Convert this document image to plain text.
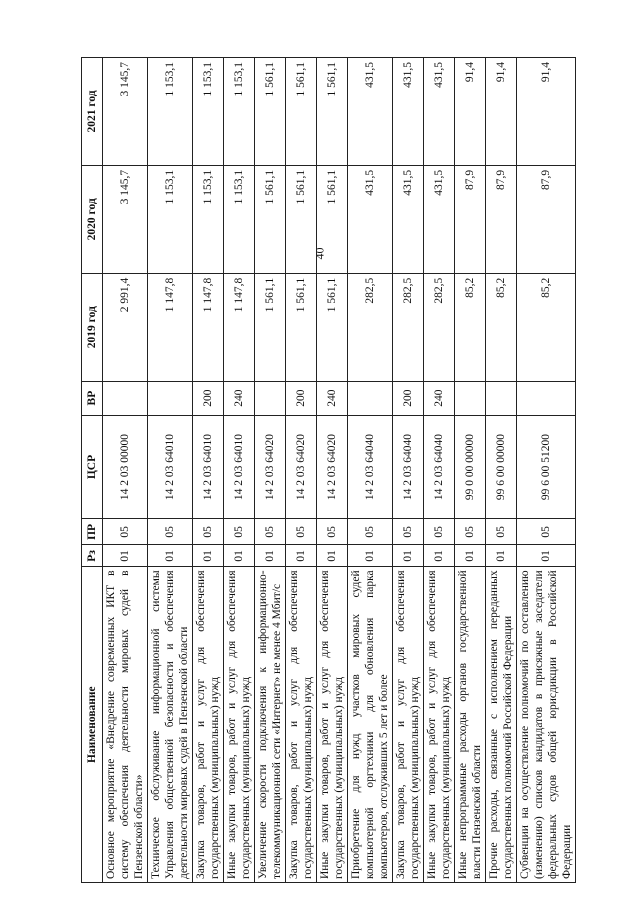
40
Наименование	Рз	ПР	ЦСР	ВР	2019 год	2020 год	2021 год
Основное мероприятие «Внедрение современных ИКТ в систему обеспечения деятельности мировых судей в Пензенской области»	01	05	14 2 03 00000		2 991,4	3 145,7	3 145,7
Техническое обслуживание информационной системы Управления общественной безопасности и обеспечения деятельности мировых судей в Пензенской области	01	05	14 2 03 64010		1 147,8	1 153,1	1 153,1
Закупка товаров, работ и услуг для обеспечения государственных (муниципальных) нужд	01	05	14 2 03 64010	200	1 147,8	1 153,1	1 153,1
Иные закупки товаров, работ и услуг для обеспечения государственных (муниципальных) нужд	01	05	14 2 03 64010	240	1 147,8	1 153,1	1 153,1
Увеличение скорости подключения к информационно-телекоммуникационной сети «Интернет» не менее 4 Мбит/с	01	05	14 2 03 64020		1 561,1	1 561,1	1 561,1
Закупка товаров, работ и услуг для обеспечения государственных (муниципальных) нужд	01	05	14 2 03 64020	200	1 561,1	1 561,1	1 561,1
Иные закупки товаров, работ и услуг для обеспечения государственных (муниципальных) нужд	01	05	14 2 03 64020	240	1 561,1	1 561,1	1 561,1
Приобретение для нужд участков мировых судей компьютерной оргтехники для обновления парка компьютеров, отслуживших 5 лет и более	01	05	14 2 03 64040		282,5	431,5	431,5
Закупка товаров, работ и услуг для обеспечения государственных (муниципальных) нужд	01	05	14 2 03 64040	200	282,5	431,5	431,5
Иные закупки товаров, работ и услуг для обеспечения государственных (муниципальных) нужд	01	05	14 2 03 64040	240	282,5	431,5	431,5
Иные непрограммные расходы органов государственной власти Пензенской области	01	05	99 0 00 00000		85,2	87,9	91,4
Прочие расходы, связанные с исполнением переданных государственных полномочий Российской Федерации	01	05	99 6 00 00000		85,2	87,9	91,4
Субвенции на осуществление полномочий по составлению (изменению) списков кандидатов в присяжные заседатели федеральных судов общей юрисдикции в Российской Федерации	01	05	99 6 00 51200		85,2	87,9	91,4
